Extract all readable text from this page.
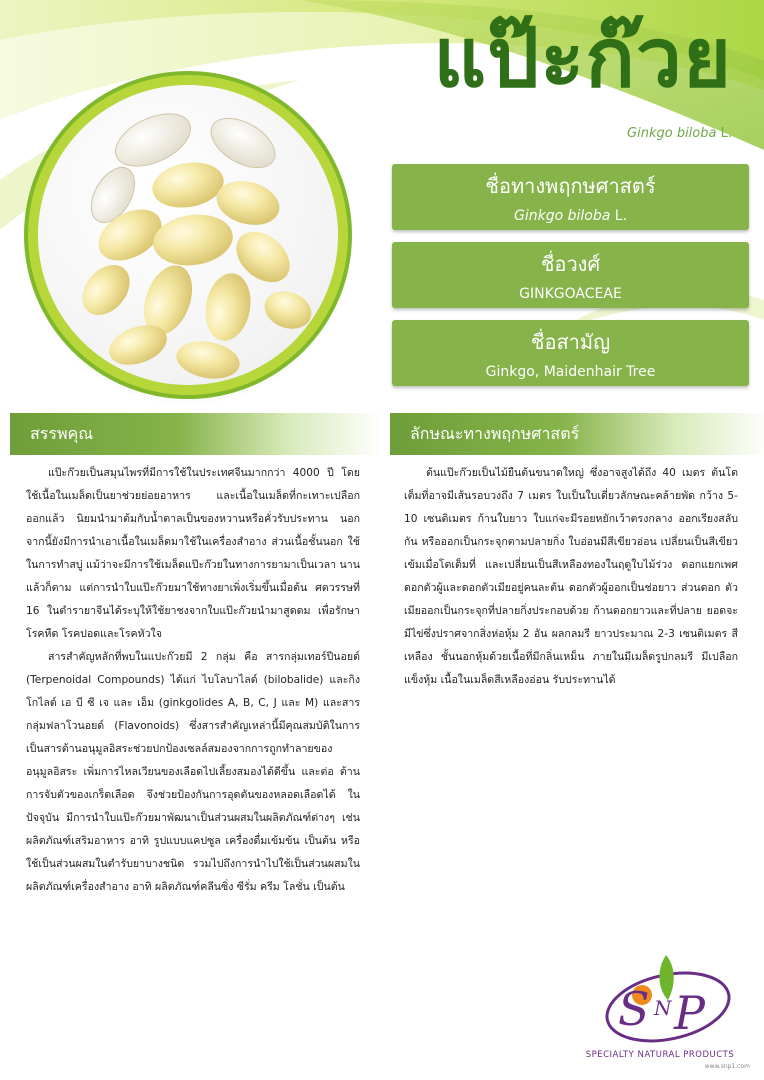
แป๊ะก๊วย
Ginkgo biloba L.
ชื่อทางพฤกษศาสตร์
Ginkgo biloba L.
ชื่อวงศ์
GINKGOACEAE
ชื่อสามัญ
Ginkgo, Maidenhair Tree
สรรพคุณ	ลักษณะทางพฤกษศาสตร์

แป๊ะก๊วยเป็นสมุนไพรที่มีการใช้ในประเทศจีนมากกว่า 4000 ปี โดย ใช้เนื้อในเมล็ดเป็นยาช่วยย่อยอาหาร และเนื้อในเมล็ดที่กะเทาะเปลือก ออกแล้ว นิยมนำมาต้มกับน้ำตาลเป็นของหวานหรือคั่วรับประทาน นอก จากนี้ยังมีการนำเอาเนื้อในเมล็ดมาใช้ในเครื่องสำอาง ส่วนเนื้อชั้นนอก ใช้ในการทำสบู่ แม้ว่าจะมีการใช้เมล็ดแป๊ะก๊วยในทางการยามาเป็นเวลา นานแล้วก็ตาม แต่การนำใบแป๊ะก๊วยมาใช้ทางยาเพิ่งเริ่มขึ้นเมื่อต้น ศตวรรษที่ 16 ในตำรายาจีนได้ระบุให้ใช้ยาชงจากใบแป๊ะก๊วยนำมาสูดดม เพื่อรักษาโรคหืด โรคปอดและโรคหัวใจ

สารสำคัญหลักที่พบในแปะก๊วยมี 2 กลุ่ม คือ สารกลุ่มเทอร์ปีนอยด์ (Terpenoidal Compounds) ได้แก่ ไบโลบาไลด์ (bilobalide) และกิง โกไลด์ เอ บี ซี เจ และ เอ็ม (ginkgolides A, B, C, J และ M) และสาร กลุ่มฟลาโวนอยด์ (Flavonoids) ซึ่งสารสำคัญเหล่านี้มีคุณสมบัติในการเป็นสารต้านอนุมูลอิสระช่วยปกป้องเซลล์สมองจากการถูกทำลายของ อนุมูลอิสระ เพิ่มการไหลเวียนของเลือดไปเลี้ยงสมองได้ดีขึ้น และต่อ ต้านการจับตัวของเกร็ดเลือด จึงช่วยป้องกันการอุดตันของหลอดเลือดได้ ในปัจจุบัน มีการนำใบแป๊ะก๊วยมาพัฒนาเป็นส่วนผสมในผลิตภัณฑ์ต่างๆ เช่น ผลิตภัณฑ์เสริมอาหาร อาทิ รูปแบบแคปซูล เครื่องดื่มเข้มข้น เป็นต้น หรือใช้เป็นส่วนผสมในตำรับยาบางชนิด รวมไปถึงการนำไปใช้เป็นส่วนผสมในผลิตภัณฑ์เครื่องสำอาง อาทิ ผลิตภัณฑ์คลีนซิ่ง ซีรั่ม ครีม โลชั่น เป็นต้น

ต้นแป๊ะก๊วยเป็นไม้ยืนต้นขนาดใหญ่ ซึ่งอาจสูงได้ถึง 40 เมตร ต้นโต เต็มที่อาจมีเส้นรอบวงถึง 7 เมตร ใบเป็นใบเดี่ยวลักษณะคล้ายพัด กว้าง 5-10 เซนติเมตร ก้านใบยาว ใบแก่จะมีรอยหยักเว้าตรงกลาง ออกเรียงสลับกัน หรือออกเป็นกระจุกตามปลายกิ่ง ใบอ่อนมีสีเขียวอ่อน เปลี่ยนเป็นสีเขียว เข้มเมื่อโตเต็มที่ และเปลี่ยนเป็นสีเหลืองทองในฤดูใบไม้ร่วง ดอกแยกเพศ ดอกตัวผู้และดอกตัวเมียอยู่คนละต้น ดอกตัวผู้ออกเป็นช่อยาว ส่วนดอก ตัวเมียออกเป็นกระจุกที่ปลายกิ่งประกอบด้วย ก้านดอกยาวและที่ปลาย ยอดจะมีไข่ซึ่งปราศจากสิ่งห่อหุ้ม 2 อัน ผลกลมรี ยาวประมาณ 2-3 เซนติเมตร สีเหลือง ชั้นนอกหุ้มด้วยเนื้อที่มีกลิ่นเหม็น ภายในมีเมล็ดรูปกลมรี มีเปลือกแข็งหุ้ม เนื้อในเมล็ดสีเหลืองอ่อน รับประทานได้

S N P
SPECIALTY NATURAL PRODUCTS
www.snp1.com
